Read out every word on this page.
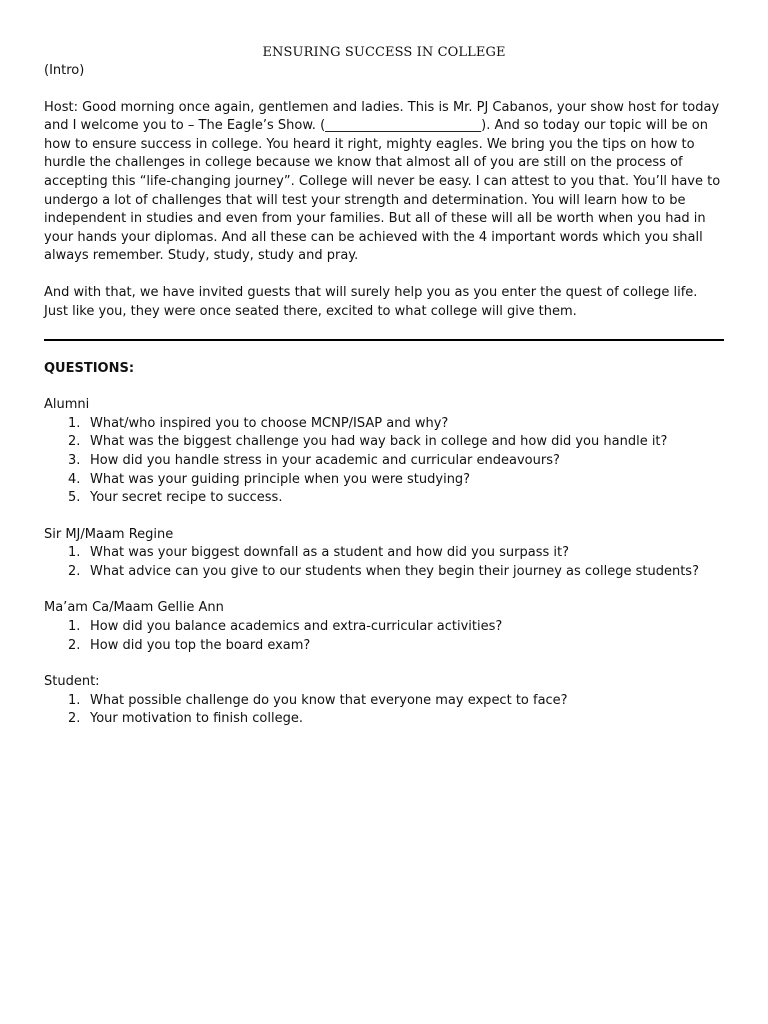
ENSURING SUCCESS IN COLLEGE

(Intro)

Host: Good morning once again, gentlemen and ladies. This is Mr. PJ Cabanos, your show host for today and I welcome you to – The Eagle’s Show. (________________________). And so today our topic will be on how to ensure success in college. You heard it right, mighty eagles. We bring you the tips on how to hurdle the challenges in college because we know that almost all of you are still on the process of accepting this “life-changing journey”. College will never be easy. I can attest to you that. You’ll have to undergo a lot of challenges that will test your strength and determination. You will learn how to be independent in studies and even from your families. But all of these will all be worth when you had in your hands your diplomas. And all these can be achieved with the 4 important words which you shall always remember. Study, study, study and pray.

And with that, we have invited guests that will surely help you as you enter the quest of college life. Just like you, they were once seated there, excited to what college will give them.

QUESTIONS:

Alumni

1. What/who inspired you to choose MCNP/ISAP and why?
2. What was the biggest challenge you had way back in college and how did you handle it?
3. How did you handle stress in your academic and curricular endeavours?
4. What was your guiding principle when you were studying?
5. Your secret recipe to success.

Sir MJ/Maam Regine

1. What was your biggest downfall as a student and how did you surpass it?
2. What advice can you give to our students when they begin their journey as college students?

Ma’am Ca/Maam Gellie Ann

1. How did you balance academics and extra-curricular activities?
2. How did you top the board exam?

Student:

1. What possible challenge do you know that everyone may expect to face?
2. Your motivation to finish college.
